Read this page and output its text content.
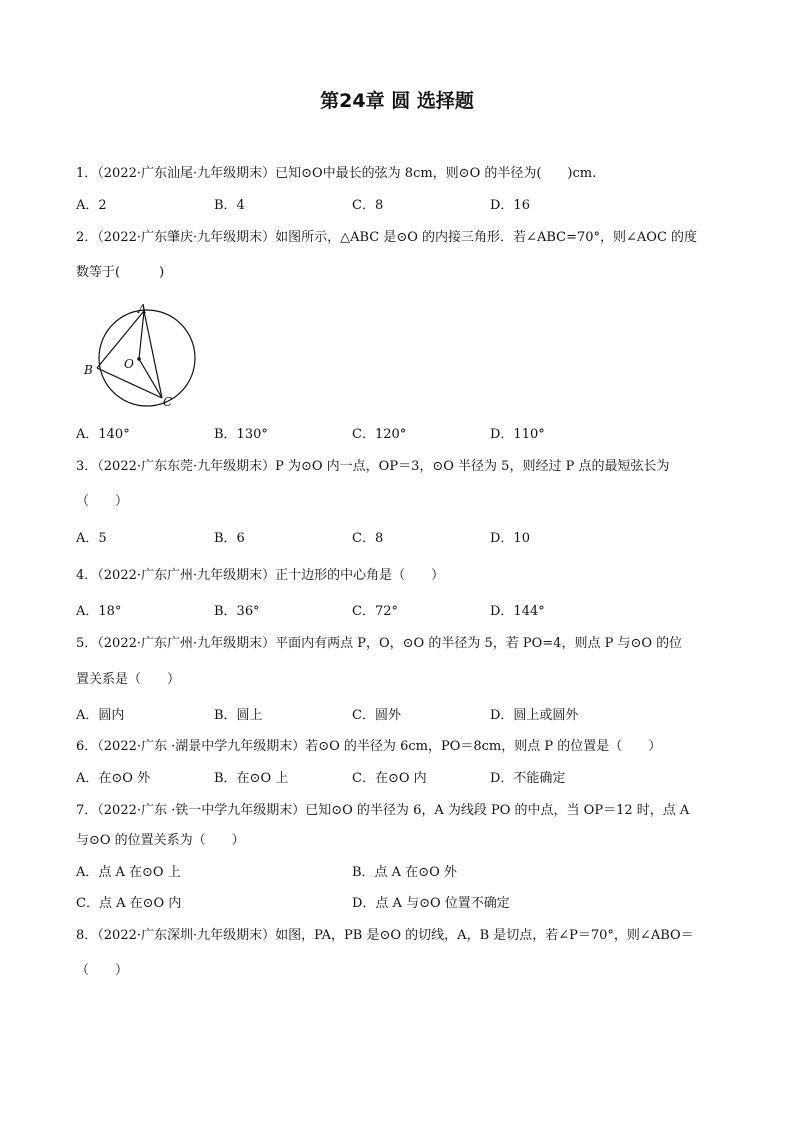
第24章 圆 选择题
1．（2022·广东汕尾·九年级期末）已知⊙O中最长的弦为 8cm，则⊙O 的半径为(　　)cm.
A．2	B．4	C．8	D．16
2．（2022·广东肇庆·九年级期末）如图所示，△ABC 是⊙O 的内接三角形．若∠ABC=70°，则∠AOC 的度
数等于(　　　)
A
B	O
C
A．140°	B．130°	C．120°	D．110°
3．（2022·广东东莞·九年级期末）P 为⊙O 内一点，OP＝3，⊙O 半径为 5，则经过 P 点的最短弦长为
（　　）
A．5	B．6	C．8	D．10
4．（2022·广东广州·九年级期末）正十边形的中心角是（　　）
A．18°	B．36°	C．72°	D．144°
5．（2022·广东广州·九年级期末）平面内有两点 P，O，⊙O 的半径为 5，若 PO=4，则点 P 与⊙O 的位
置关系是（　　）
A．圆内	B．圆上	C．圆外	D．圆上或圆外
6．（2022·广东 ·湖景中学九年级期末）若⊙O 的半径为 6cm，PO＝8cm，则点 P 的位置是（　　）
A．在⊙O 外	B．在⊙O 上	C．在⊙O 内	D．不能确定
7．（2022·广东 ·铁一中学九年级期末）已知⊙O 的半径为 6，A 为线段 PO 的中点，当 OP＝12 时，点 A
与⊙O 的位置关系为（　　）
A．点 A 在⊙O 上	B．点 A 在⊙O 外
C．点 A 在⊙O 内	D．点 A 与⊙O 位置不确定
8．（2022·广东深圳·九年级期末）如图，PA，PB 是⊙O 的切线，A，B 是切点，若∠P＝70°，则∠ABO＝
（　　）
